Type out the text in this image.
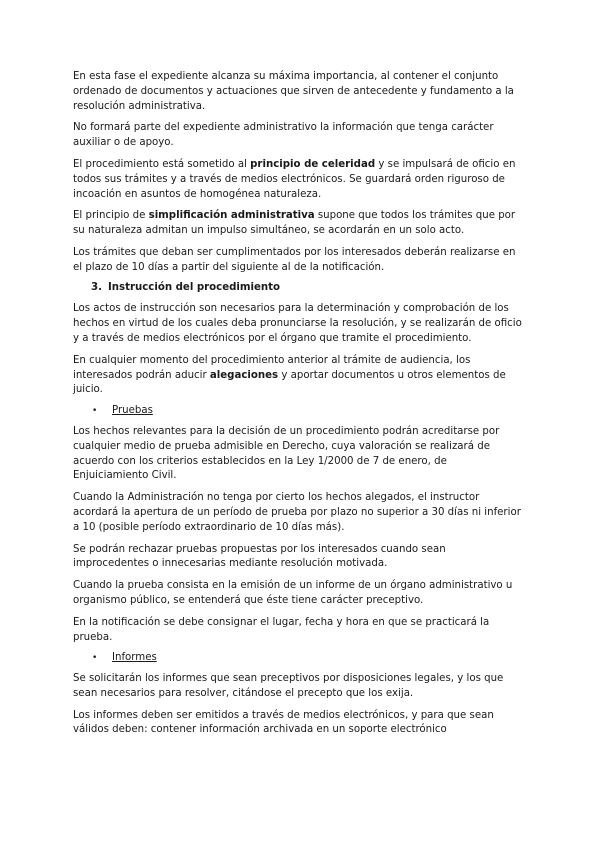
En esta fase el expediente alcanza su máxima importancia, al contener el conjunto ordenado de documentos y actuaciones que sirven de antecedente y fundamento a la resolución administrativa.

No formará parte del expediente administrativo la información que tenga carácter auxiliar o de apoyo.

El procedimiento está sometido al principio de celeridad y se impulsará de oficio en todos sus trámites y a través de medios electrónicos. Se guardará orden riguroso de incoación en asuntos de homogénea naturaleza.

El principio de simplificación administrativa supone que todos los trámites que por su naturaleza admitan un impulso simultáneo, se acordarán en un solo acto.

Los trámites que deban ser cumplimentados por los interesados deberán realizarse en el plazo de 10 días a partir del siguiente al de la notificación.

3. Instrucción del procedimiento

Los actos de instrucción son necesarios para la determinación y comprobación de los hechos en virtud de los cuales deba pronunciarse la resolución, y se realizarán de oficio y a través de medios electrónicos por el órgano que tramite el procedimiento.

En cualquier momento del procedimiento anterior al trámite de audiencia, los interesados podrán aducir alegaciones y aportar documentos u otros elementos de juicio.

•	Pruebas

Los hechos relevantes para la decisión de un procedimiento podrán acreditarse por cualquier medio de prueba admisible en Derecho, cuya valoración se realizará de acuerdo con los criterios establecidos en la Ley 1/2000 de 7 de enero, de Enjuiciamiento Civil.

Cuando la Administración no tenga por cierto los hechos alegados, el instructor acordará la apertura de un período de prueba por plazo no superior a 30 días ni inferior a 10 (posible período extraordinario de 10 días más).

Se podrán rechazar pruebas propuestas por los interesados cuando sean improcedentes o innecesarias mediante resolución motivada.

Cuando la prueba consista en la emisión de un informe de un órgano administrativo u organismo público, se entenderá que éste tiene carácter preceptivo.

En la notificación se debe consignar el lugar, fecha y hora en que se practicará la prueba.

•	Informes

Se solicitarán los informes que sean preceptivos por disposiciones legales, y los que sean necesarios para resolver, citándose el precepto que los exija.

Los informes deben ser emitidos a través de medios electrónicos, y para que sean válidos deben: contener información archivada en un soporte electrónico
